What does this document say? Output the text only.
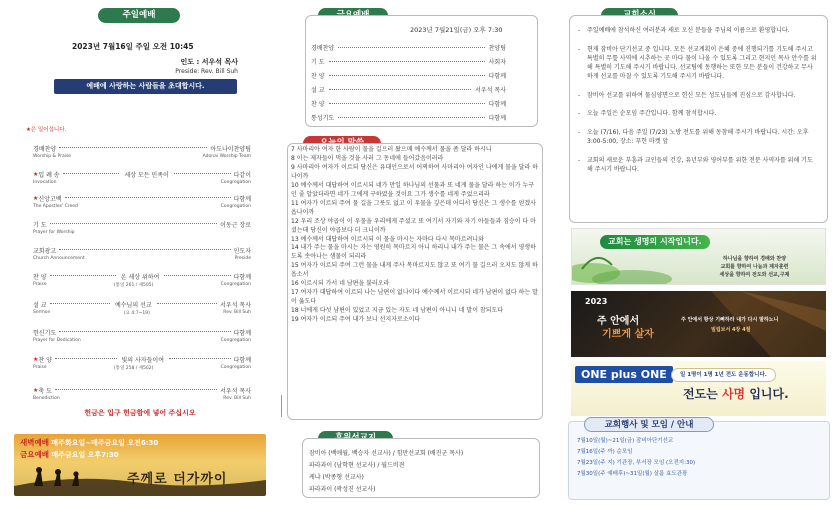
주일예배
2023년 7월16일 주일 오전 10:45
인도 : 서우석 목사
Preside: Rev. Bill Suh
예배에 사랑하는 사람들을 초대합시다.
★은 일어섭니다.
경배찬양	아도나이찬양팀
Worship & Praise	Adonai Worship Team
★ 입 례 송	세상 모든 민족이	다같이
Invocation	Congregation
★ 신앙고백	다함께
The Apostles' Creed	Congregation
기 도	이동근 장로
Prayer for Worship
교회광고	인도자
Church Announcement	Preside
찬 양	온 세상 위하여	다함께
Praise	(통일 261 / 새505)	Congregation
설 교	예수님의 선교	서우석 목사
Sermon	(요 4:7~19)	Rev. Bill Suh
헌신기도	다함께
Prayer for Dedication	Congregation
★ 찬 양	빛의 사자들이여	다함께
Praise	(통일 258 / 새502)	Congregation
★ 축 도	서우석 목사
Benediction	Rev. Bill Suh
헌금은 입구 헌금함에 넣어 주십시오
새벽예배 매주화요일~매주금요일 오전6:30
금요예배 매주금요일 오후7:30
주께로 더가까이
2023년 7월21일(금) 오후 7:30
경배찬양	찬양팀
기 도	사회자
찬 양	다함께
설 교	서우석 목사
찬 양	다함께
통성기도	다함께

7 사마리아 여자 한 사람이 물을 길으러 왔으매 예수께서 물을 좀 달라 하시니

8 이는 제자들이 먹을 것을 사러 그 동네에 들어갔음이러라

9 사마리아 여자가 이르되 당신은 유대인으로서 어찌하여 사마리아 여자인 나에게 물을 달라 하나이까

10 예수께서 대답하여 이르시되 네가 만일 하나님의 선물과 또 네게 물을 달라 하는 이가 누구인 줄 알았더라면 네가 그에게 구하였을 것이요 그가 생수를 네게 주었으리라

11 여자가 이르되 주여 물 길을 그릇도 없고 이 우물을 깊은데 어디서 당신은 그 생수를 얻겠사옵나이까

12 우리 조상 야곱이 이 우물을 우리에게 주셨고 또 여기서 자기와 자기 아들들과 짐승이 다 마셨는데 당신이 야곱보다 더 크니이까

13 예수께서 대답하여 이르시되 이 물을 마시는 자마다 다시 목마르려니와

14 내가 주는 물을 마시는 자는 영원히 목마르지 아니 하리니 내가 주는 물은 그 속에서 영생하도록 솟아나는 샘물이 되리라

15 여자가 이르되 주여 그런 물을 내게 주사 목마르지도 않고 또 여기 물 길으러 오지도 않게 하옵소서

16 이르시되 가서 네 남편을 불러오라

17 여자가 대답하여 이르되 나는 남편이 없나이다 예수께서 이르시되 네가 남편이 없다 하는 말이 옳도다

18 너에게 다섯 남편이 있었고 지금 있는 자도 네 남편이 아니니 네 말이 참되도다

19 여자가 이르되 주여 내가 보니 선지자로소이다

잠비아 (백애월, 백승자 선교사) / 힘만선교회 (배진군 목사)
파라과이 (남학현 선교사) / 월드비젼
케냐 (박종형 선교사)
파라과이 (곽성진 선교사)
-	주일예배에 참석하신 여러분과 새로 오신 분들을 주님의 이름으로 환영합니다.
-	현재 잠비아 단기선교 중 입니다. 모든 선교계획이 은혜 중에 진행되기를 기도해 주시고 특별히 무릎 사역에 시추하는 곳 마다 물이 나올 수 있도록 그리고 현지인 목사 안수를 위해 특별히 기도해 주시기 바랍니다. 선교팀에 동행하는 또한 모든 분들이 건강하고 무사하게 선교를 마칠 수 있도록 기도해 주시기 바랍니다.
-	잠비아 선교를 위하여 물심양면으로 헌신 모든 성도님들께 진심으로 감사합니다.
-	오늘 주일은 순모임 주간입니다. 함께 참석합시다.
-	오늘 (7/16), 다음 주일 (7/23) 노방 전도를 위해 동참해 주시기 바랍니다. 시간: 오후 3:00-5:00, 장소: 푸헌 마켓 앞
-	교회의 새로운 부흥과 교인들의 건강, 유년부와 영어부를 위한 전문 사역자를 위해 기도해 주시기 바랍니다.
교회는 생명의 시작입니다.
하나님을 향하여 경배와 찬양
교회를 향하여 나눔과 제자훈련
세상을 향하여 전도와 선교,구제
2023
주 안에서
기쁘게 살자
주 안에서 항상 기뻐하라 내가 다시 말하노니
빌립보서 4장 4절
ONE plus ONE	일 1명이 1명 1년 전도 운동합니다.
전도는 사명 입니다.
교회행사 및 모임 / 안내
7월10일(월)~21일(금) 잠비아단기선교
7월16일(주 까) 순모임
7월23일(주 지) 기관장, 부서장 모임 (오전지:30)
7월30일(주 예배후)~31일(월) 살롬 효도관광
